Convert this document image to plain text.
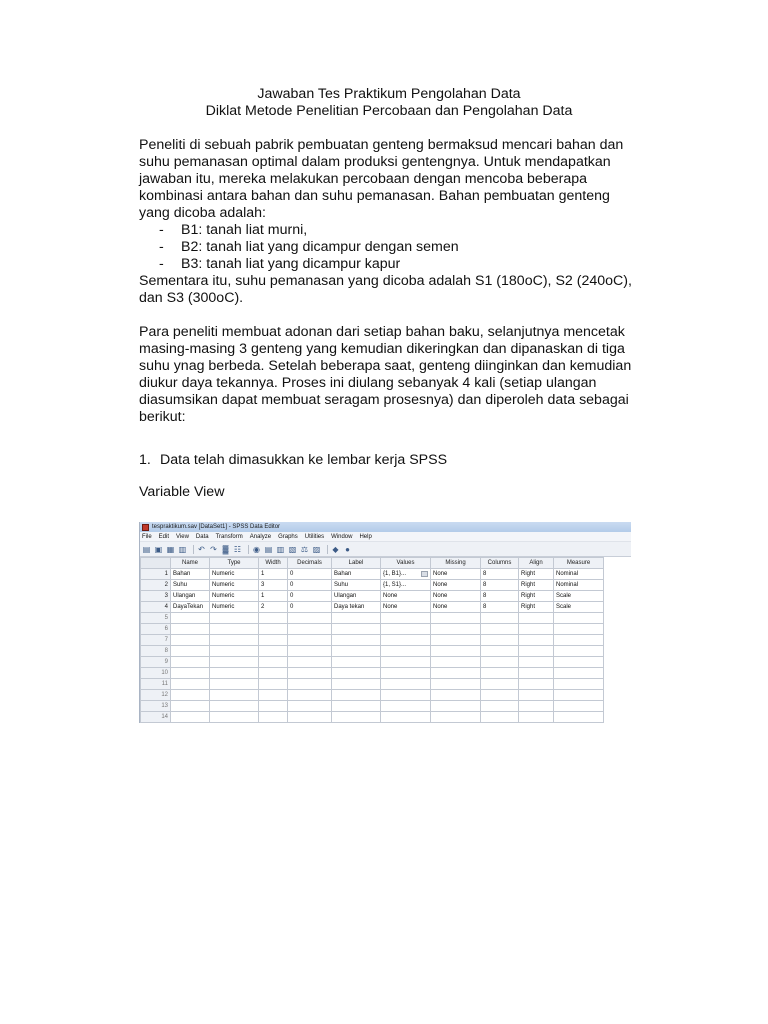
Jawaban Tes Praktikum Pengolahan Data
Diklat Metode Penelitian Percobaan dan Pengolahan Data
Peneliti di sebuah pabrik pembuatan genteng bermaksud mencari bahan dan suhu pemanasan optimal dalam produksi gentengnya. Untuk mendapatkan jawaban itu, mereka melakukan percobaan dengan mencoba beberapa kombinasi antara bahan dan suhu pemanasan. Bahan pembuatan genteng yang dicoba adalah:
- B1: tanah liat murni,
- B2: tanah liat yang dicampur dengan semen
- B3: tanah liat yang dicampur kapur
Sementara itu, suhu pemanasan yang dicoba adalah S1 (180oC), S2 (240oC), dan S3 (300oC).
Para peneliti membuat adonan dari setiap bahan baku, selanjutnya mencetak masing-masing 3 genteng yang kemudian dikeringkan dan dipanaskan di tiga suhu ynag berbeda. Setelah beberapa saat, genteng diinginkan dan kemudian diukur daya tekannya. Proses ini diulang sebanyak 4 kali (setiap ulangan diasumsikan dapat membuat seragam prosesnya) dan diperoleh data sebagai berikut:
1. Data telah dimasukkan ke lembar kerja SPSS
Variable View
tespraktikum.sav [DataSet1] - SPSS Data Editor
File Edit View Data Transform Analyze Graphs Utilities Window Help
▤ ▣ ▦ ▥ ↶ ↷ ▓ ☷ ◉ ▤ ▥ ▧ ⚖ ▨ ◆ ●
	Name	Type	Width	Decimals	Label	Values	Missing	Columns	Align	Measure
1	Bahan	Numeric	1	0	Bahan	{1, B1}...	None	8	Right	Nominal
2	Suhu	Numeric	3	0	Suhu	{1, S1}...	None	8	Right	Nominal
3	Ulangan	Numeric	1	0	Ulangan	None	None	8	Right	Scale
4	DayaTekan	Numeric	2	0	Daya tekan	None	None	8	Right	Scale
5										
6										
7										
8										
9										
10										
11										
12										
13										
14										
